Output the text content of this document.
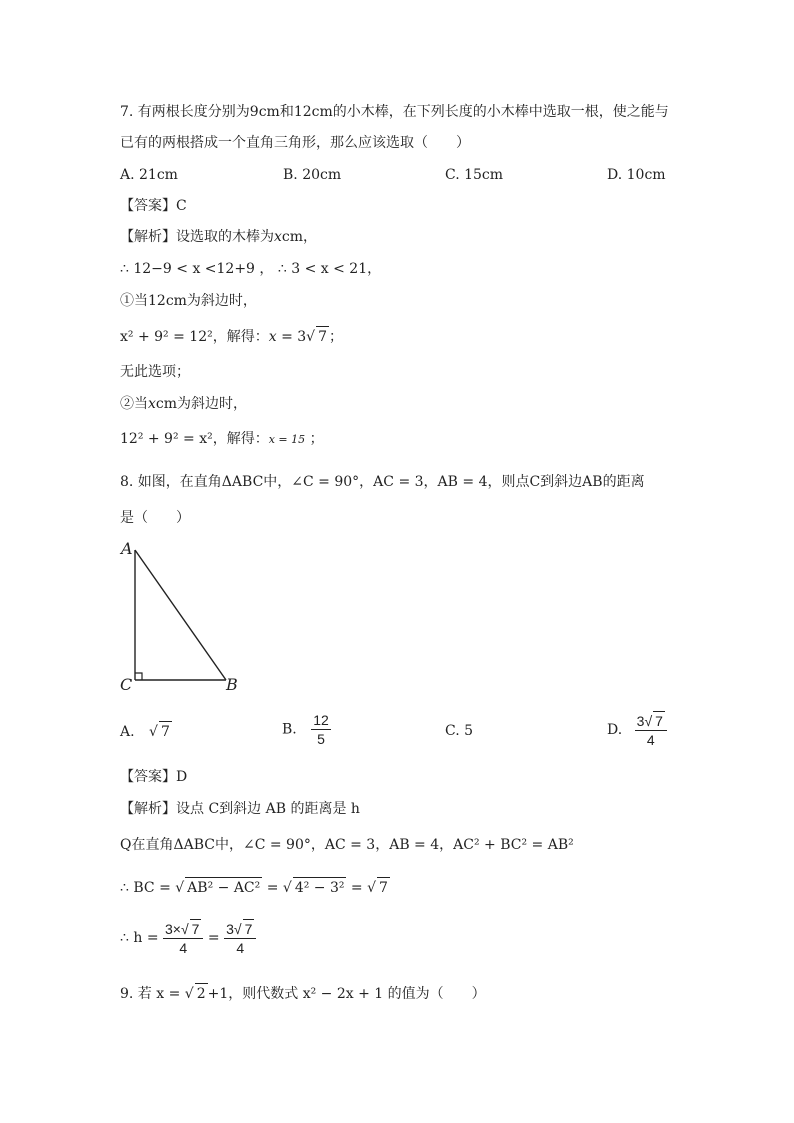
7. 有两根长度分别为9cm和12cm的小木棒，在下列长度的小木棒中选取一根，使之能与
已有的两根搭成一个直角三角形，那么应该选取（　　）
A. 21cm	B. 20cm	C. 15cm	D. 10cm
【答案】C
【解析】设选取的木棒为xcm，
∴ 12−9 < x <12+9 ， ∴ 3 < x < 21，
①当12cm为斜边时，
x² + 9² = 12²，解得：x = 3√ 7 ；
无此选项；
②当xcm为斜边时，
12² + 9² = x²，解得：x = 15 ；
8. 如图，在直角ΔABC中，∠C = 90°，AC = 3，AB = 4，则点C到斜边AB的距离
是（　　）
A
C	B
A. √ 7	B. $\frac{12}{5}$	C. 5	D. $\frac{3√ 7}{4}$
【答案】D
【解析】设点 C到斜边 AB 的距离是 h
Q在直角ΔABC中，∠C = 90°，AC = 3，AB = 4，AC² + BC² = AB²
∴ BC = √ AB² − AC² = √ 4² − 3² = √ 7
∴ $h = \frac{3\times√ 7}{4} = \frac{3√ 7}{4}$
9. 若 x = √ 2 +1，则代数式 x² − 2x + 1 的值为（　　）
